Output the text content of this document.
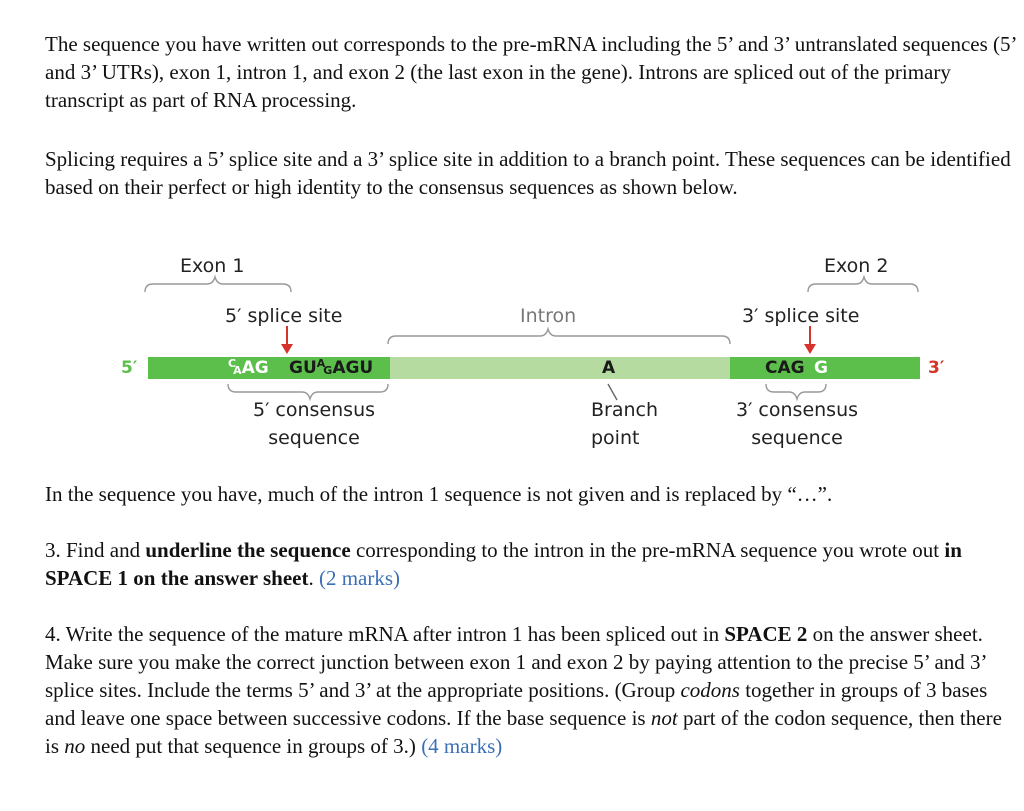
The sequence you have written out corresponds to the pre-mRNA including the 5’ and 3’ untranslated sequences (5’ and 3’ UTRs), exon 1, intron 1, and exon 2 (the last exon in the gene). Introns are spliced out of the primary transcript as part of RNA processing.

Splicing requires a 5’ splice site and a 3’ splice site in addition to a branch point. These sequences can be identified based on their perfect or high identity to the consensus sequences as shown below.

Exon 1	Exon 2
5′ splice site	Intron	3′ splice site
5′	3′
$^C$AAG $GU^AGAGU$	A	CAG G
5′ consensus
sequence
Branch
point
3′ consensus
sequence

In the sequence you have, much of the intron 1 sequence is not given and is replaced by “…”.

3. Find and underline the sequence corresponding to the intron in the pre-mRNA sequence you wrote out in SPACE 1 on the answer sheet. (2 marks)

4. Write the sequence of the mature mRNA after intron 1 has been spliced out in SPACE 2 on the answer sheet. Make sure you make the correct junction between exon 1 and exon 2 by paying attention to the precise 5’ and 3’ splice sites. Include the terms 5’ and 3’ at the appropriate positions. (Group codons together in groups of 3 bases and leave one space between successive codons. If the base sequence is not part of the codon sequence, then there is no need put that sequence in groups of 3.) (4 marks)
